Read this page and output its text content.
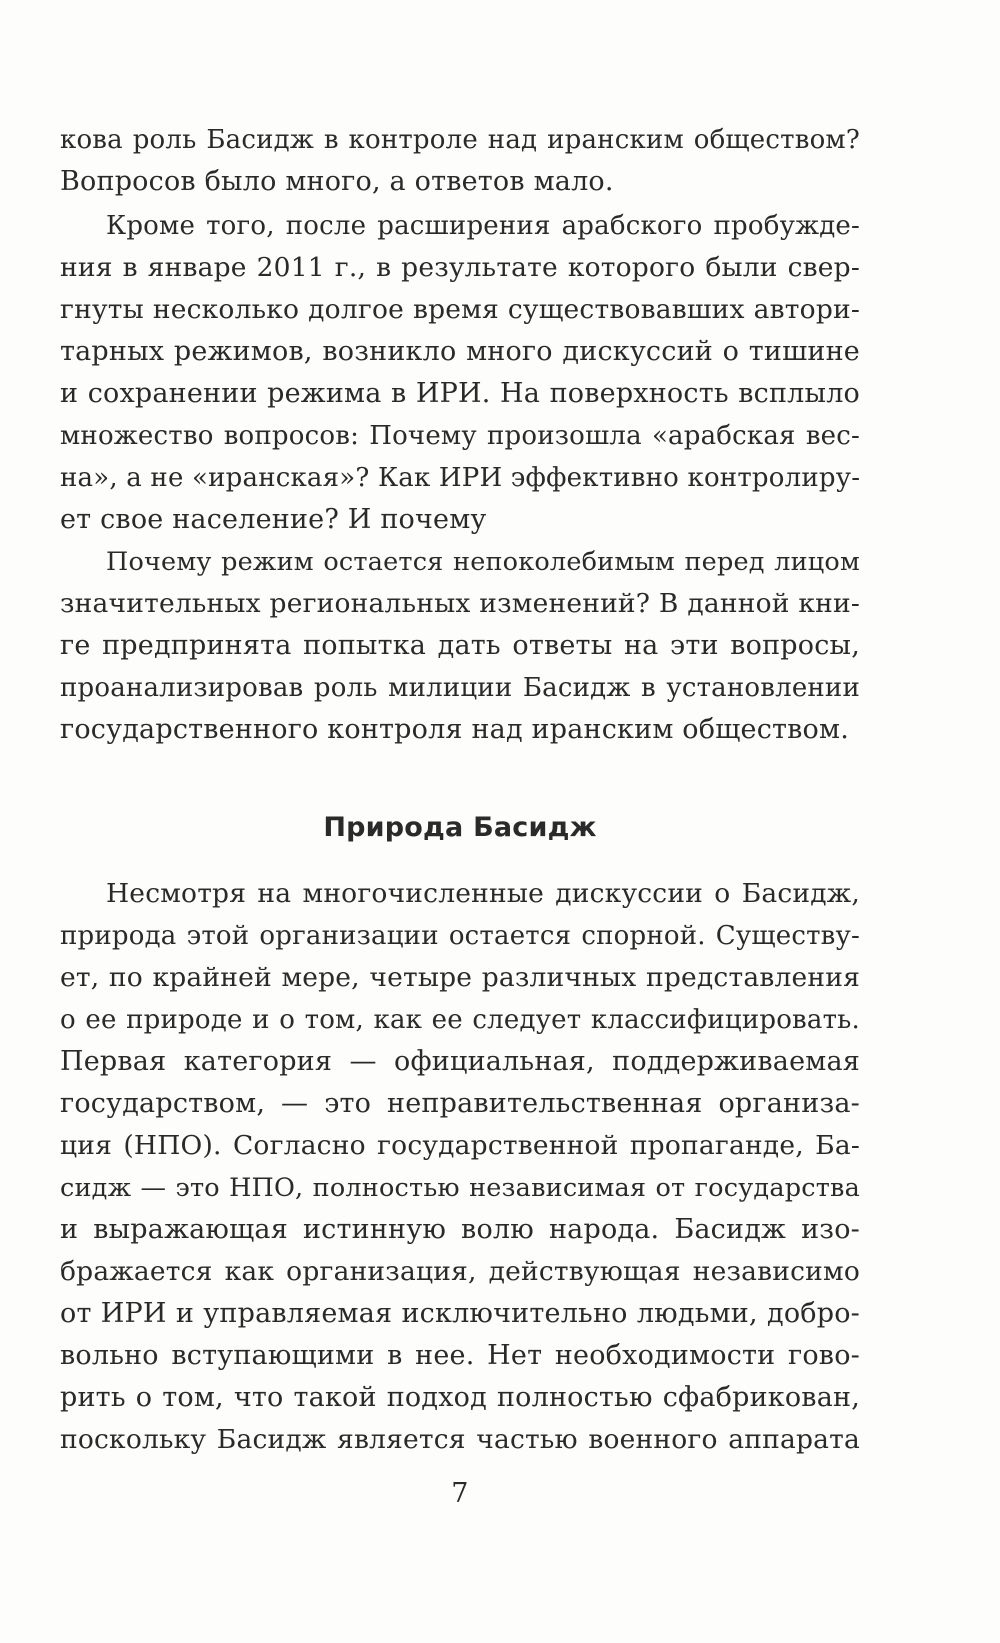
кова роль Басидж в контроле над иранским обществом?
Вопросов было много, а ответов мало.
Кроме того, после расширения арабского пробужде-
ния в январе 2011 г., в результате которого были свер-
гнуты несколько долгое время существовавших автори-
тарных режимов, возникло много дискуссий о тишине
и сохранении режима в ИРИ. На поверхность всплыло
множество вопросов: Почему произошла «арабская вес-
на», а не «иранская»? Как ИРИ эффективно контролиру-
ет свое население? И почему
Почему режим остается непоколебимым перед лицом
значительных региональных изменений? В данной кни-
ге предпринята попытка дать ответы на эти вопросы,
проанализировав роль милиции Басидж в установлении
государственного контроля над иранским обществом.
Природа Басидж
Несмотря на многочисленные дискуссии о Басидж,
природа этой организации остается спорной. Существу-
ет, по крайней мере, четыре различных представления
о ее природе и о том, как ее следует классифицировать.
Первая категория — официальная, поддерживаемая
государством, — это неправительственная организа-
ция (НПО). Согласно государственной пропаганде, Ба-
сидж — это НПО, полностью независимая от государства
и выражающая истинную волю народа. Басидж изо-
бражается как организация, действующая независимо
от ИРИ и управляемая исключительно людьми, добро-
вольно вступающими в нее. Нет необходимости гово-
рить о том, что такой подход полностью сфабрикован,
поскольку Басидж является частью военного аппарата
7
